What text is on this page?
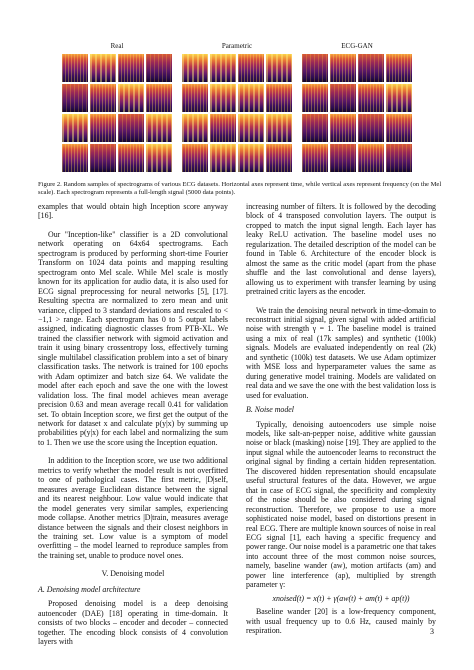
Real	Parametric	ECG-GAN
Figure 2. Random samples of spectrograms of various ECG datasets. Horizontal axes represent time, while vertical axes represent frequency (on the Mel scale). Each spectrogram represents a full-length signal (5000 data points).

examples that would obtain high Inception score anyway [16].

Our "Inception-like" classifier is a 2D convolutional network operating on 64x64 spectrograms. Each spectrogram is produced by performing short-time Fourier Transform on 1024 data points and mapping resulting spectrogram onto Mel scale. While Mel scale is mostly known for its application for audio data, it is also used for ECG signal preprocessing for neural networks [5], [17]. Resulting spectra are normalized to zero mean and unit variance, clipped to 3 standard deviations and rescaled to < −1,1 > range. Each spectrogram has 0 to 5 output labels assigned, indicating diagnostic classes from PTB-XL. We trained the classifier network with sigmoid activation and train it using binary crossentropy loss, effectively turning single multilabel classification problem into a set of binary classification tasks. The network is trained for 100 epochs with Adam optimizer and batch size 64. We validate the model after each epoch and save the one with the lowest validation loss. The final model achieves mean average precision 0.63 and mean average recall 0.41 for validation set. To obtain Inception score, we first get the output of the network for dataset x and calculate p(y|x) by summing up probabilities p(y|x) for each label and normalizing the sum to 1. Then we use the score using the Inception equation.

In addition to the Inception score, we use two additional metrics to verify whether the model result is not overfitted to one of pathological cases. The first metric, |D|self, measures average Euclidean distance between the signal and its nearest neighbour. Low value would indicate that the model generates very similar samples, experiencing mode collapse. Another metrics |D|train, measures average distance between the signals and their closest neighbors in the training set. Low value is a symptom of model overfitting – the model learned to reproduce samples from the training set, unable to produce novel ones.

V. Denoising model

A. Denoising model architecture

Proposed denoising model is a deep denoising autoencoder (DAE) [18] operating in time-domain. It consists of two blocks – encoder and decoder – connected together. The encoding block consists of 4 convolution layers with

increasing number of filters. It is followed by the decoding block of 4 transposed convolution layers. The output is cropped to match the input signal length. Each layer has leaky ReLU activation. The baseline model uses no regularization. The detailed description of the model can be found in Table 6. Architecture of the encoder block is almost the same as the critic model (apart from the phase shuffle and the last convolutional and dense layers), allowing us to experiment with transfer learning by using pretrained critic layers as the encoder.

We train the denoising neural network in time-domain to reconstruct initial signal, given signal with added artificial noise with strength γ = 1. The baseline model is trained using a mix of real (17k samples) and synthetic (100k) signals. Models are evaluated independently on real (2k) and synthetic (100k) test datasets. We use Adam optimizer with MSE loss and hyperparameter values the same as during generative model training. Models are validated on real data and we save the one with the best validation loss is used for evaluation.

B. Noise model

Typically, denoising autoencoders use simple noise models, like salt-an-pepper noise, additive white gaussian noise or black (masking) noise [19]. They are applied to the input signal while the autoencoder learns to reconstruct the original signal by finding a certain hidden representation. The discovered hidden representation should encapsulate useful structural features of the data. However, we argue that in case of ECG signal, the specificity and complexity of the noise should be also considered during signal reconstruction. Therefore, we propose to use a more sophisticated noise model, based on distortions present in real ECG. There are multiple known sources of noise in real ECG signal [1], each having a specific frequency and power range. Our noise model is a parametric one that takes into account three of the most common noise sources, namely, baseline wander (aw), motion artifacts (am) and power line interference (ap), multiplied by strength parameter γ:

xnoised(t) = x(t) + γ(aw(t) + am(t) + ap(t))

Baseline wander [20] is a low-frequency component, with usual frequency up to 0.6 Hz, caused mainly by respiration.	3
